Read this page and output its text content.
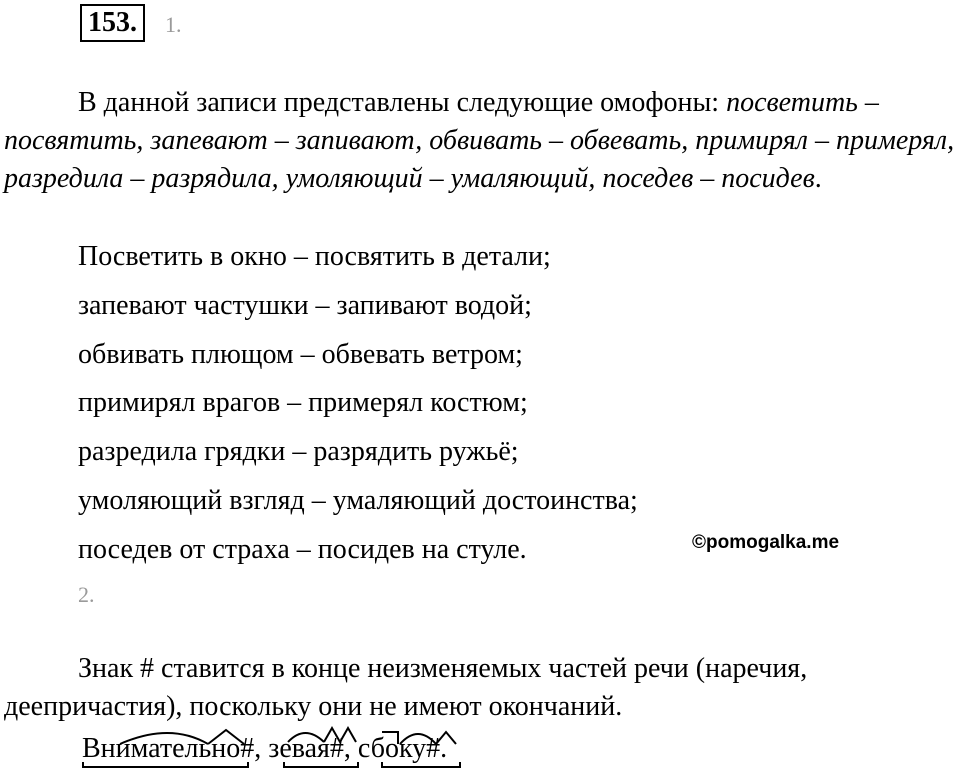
153.	1.
В данной записи представлены следующие омофоны: посветить – посвятить, запевают – запивают, обвивать – обвевать, примирял – примерял, разредила – разрядила, умоляющий – умаляющий, поседев – посидев.
Посветить в окно – посвятить в детали;
запевают частушки – запивают водой;
обвивать плющом – обвевать ветром;
примирял врагов – примерял костюм;
разредила грядки – разрядить ружьё;
умоляющий взгляд – умаляющий достоинства;
поседев от страха – посидев на стуле.	©pomogalka.me
2.
Знак # ставится в конце неизменяемых частей речи (наречия, деепричастия), поскольку они не имеют окончаний.
Внимательно#, зевая#, сбоку#.
